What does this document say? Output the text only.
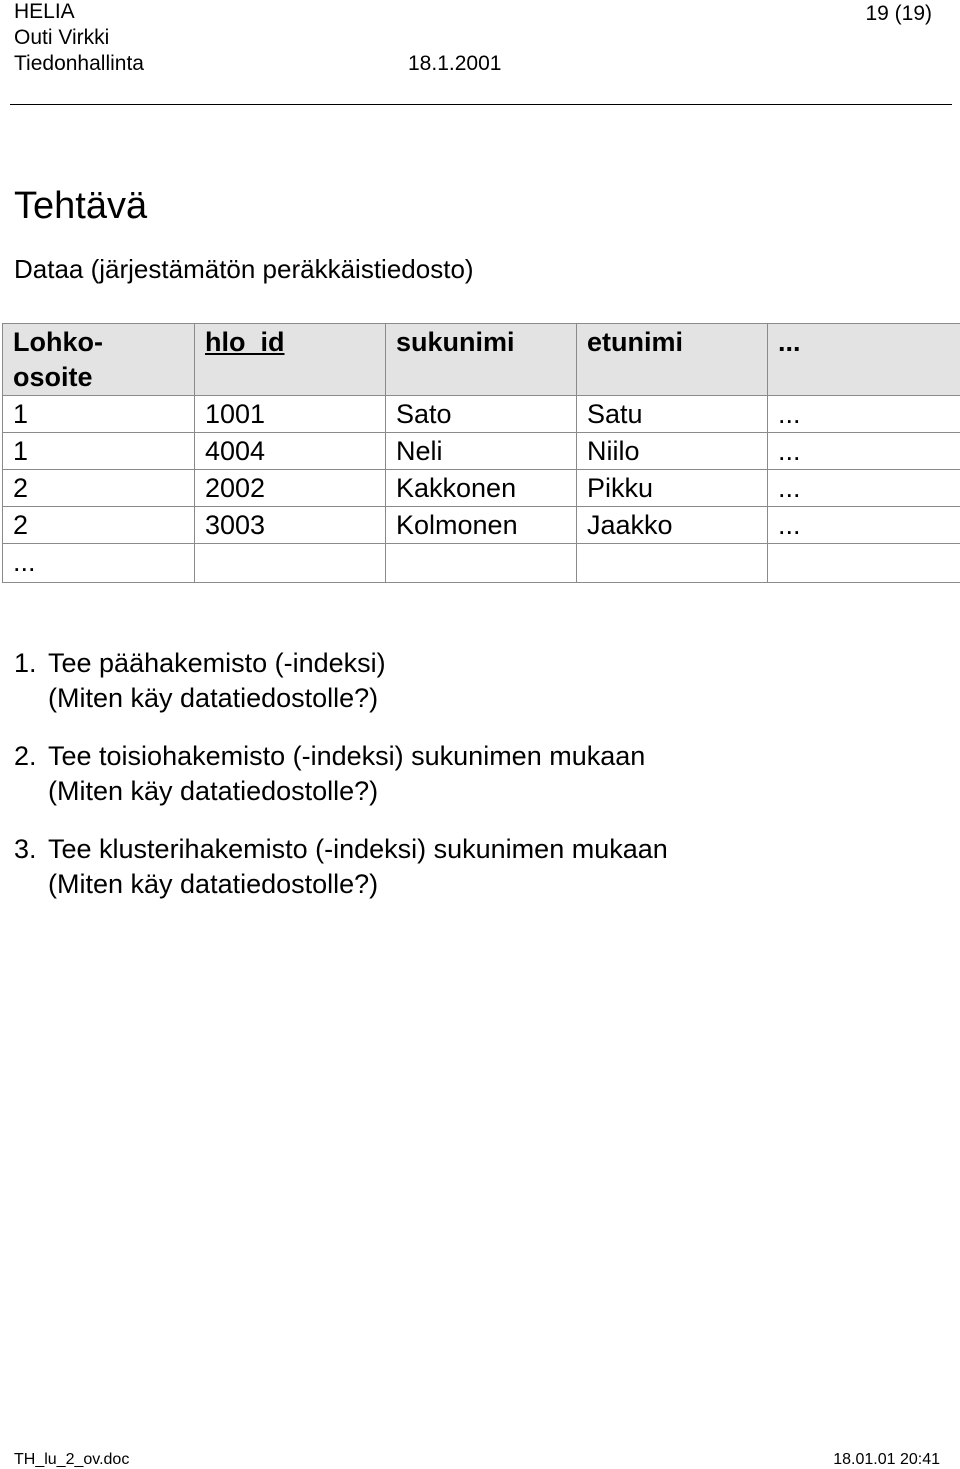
HELIA
Outi Virkki
Tiedonhallinta	18.1.2001
19 (19)
Tehtävä
Dataa (järjestämätön peräkkäistiedosto)
Lohko-
osoite	hlo_id	sukunimi	etunimi	...
1	1001	Sato	Satu	...
1	4004	Neli	Niilo	...
2	2002	Kakkonen	Pikku	...
2	3003	Kolmonen	Jaakko	...
...				
1. Tee päähakemisto (-indeksi)
(Miten käy datatiedostolle?)
2. Tee toisiohakemisto (-indeksi) sukunimen mukaan
(Miten käy datatiedostolle?)
3. Tee klusterihakemisto (-indeksi) sukunimen mukaan
(Miten käy datatiedostolle?)
TH_lu_2_ov.doc	18.01.01 20:41
